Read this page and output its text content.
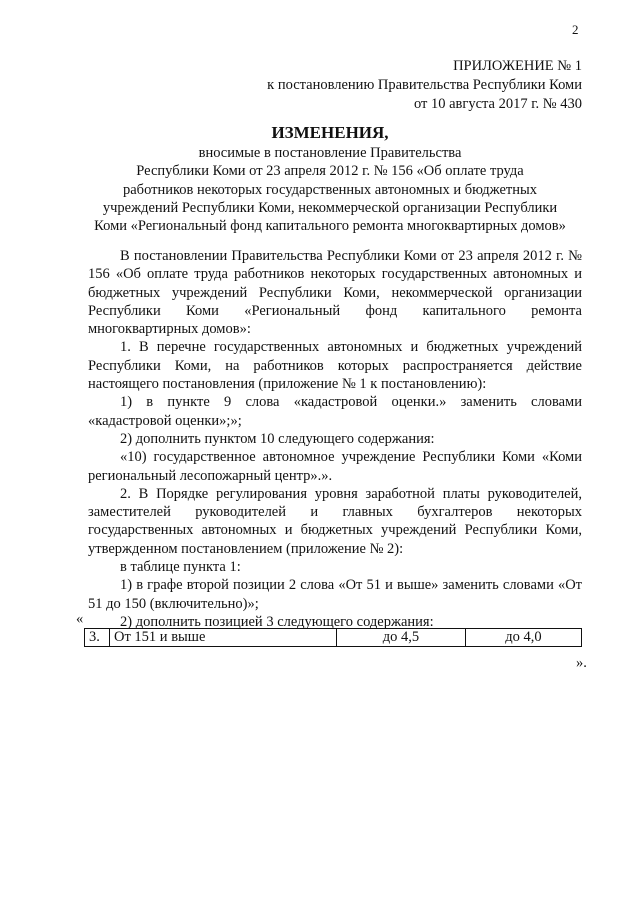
2
ПРИЛОЖЕНИЕ № 1
к постановлению Правительства Республики Коми
от 10 августа 2017 г. № 430
ИЗМЕНЕНИЯ,
вносимые в постановление Правительства
Республики Коми от 23 апреля 2012 г. № 156 «Об оплате труда
работников некоторых государственных автономных и бюджетных
учреждений Республики Коми, некоммерческой организации Республики
Коми «Региональный фонд капитального ремонта многоквартирных домов»

В постановлении Правительства Республики Коми от 23 апреля 2012 г. № 156 «Об оплате труда работников некоторых государственных автономных и бюджетных учреждений Республики Коми, некоммерческой организации Республики Коми «Региональный фонд капитального ремонта многоквартирных домов»:

1. В перечне государственных автономных и бюджетных учреждений Республики Коми, на работников которых распространяется действие настоящего постановления (приложение № 1 к постановлению):

1) в пункте 9 слова «кадастровой оценки.» заменить словами «кадастровой оценки»;»;

2) дополнить пунктом 10 следующего содержания:

«10) государственное автономное учреждение Республики Коми «Коми региональный лесопожарный центр».».

2. В Порядке регулирования уровня заработной платы руководителей, заместителей руководителей и главных бухгалтеров некоторых государственных автономных и бюджетных учреждений Республики Коми, утвержденном постановлением (приложение № 2):

в таблице пункта 1:

1) в графе второй позиции 2 слова «От 51 и выше» заменить словами «От 51 до 150 (включительно)»;

2) дополнить позицией 3 следующего содержания:

«
3.	От 151 и выше	до 4,5	до 4,0
».
